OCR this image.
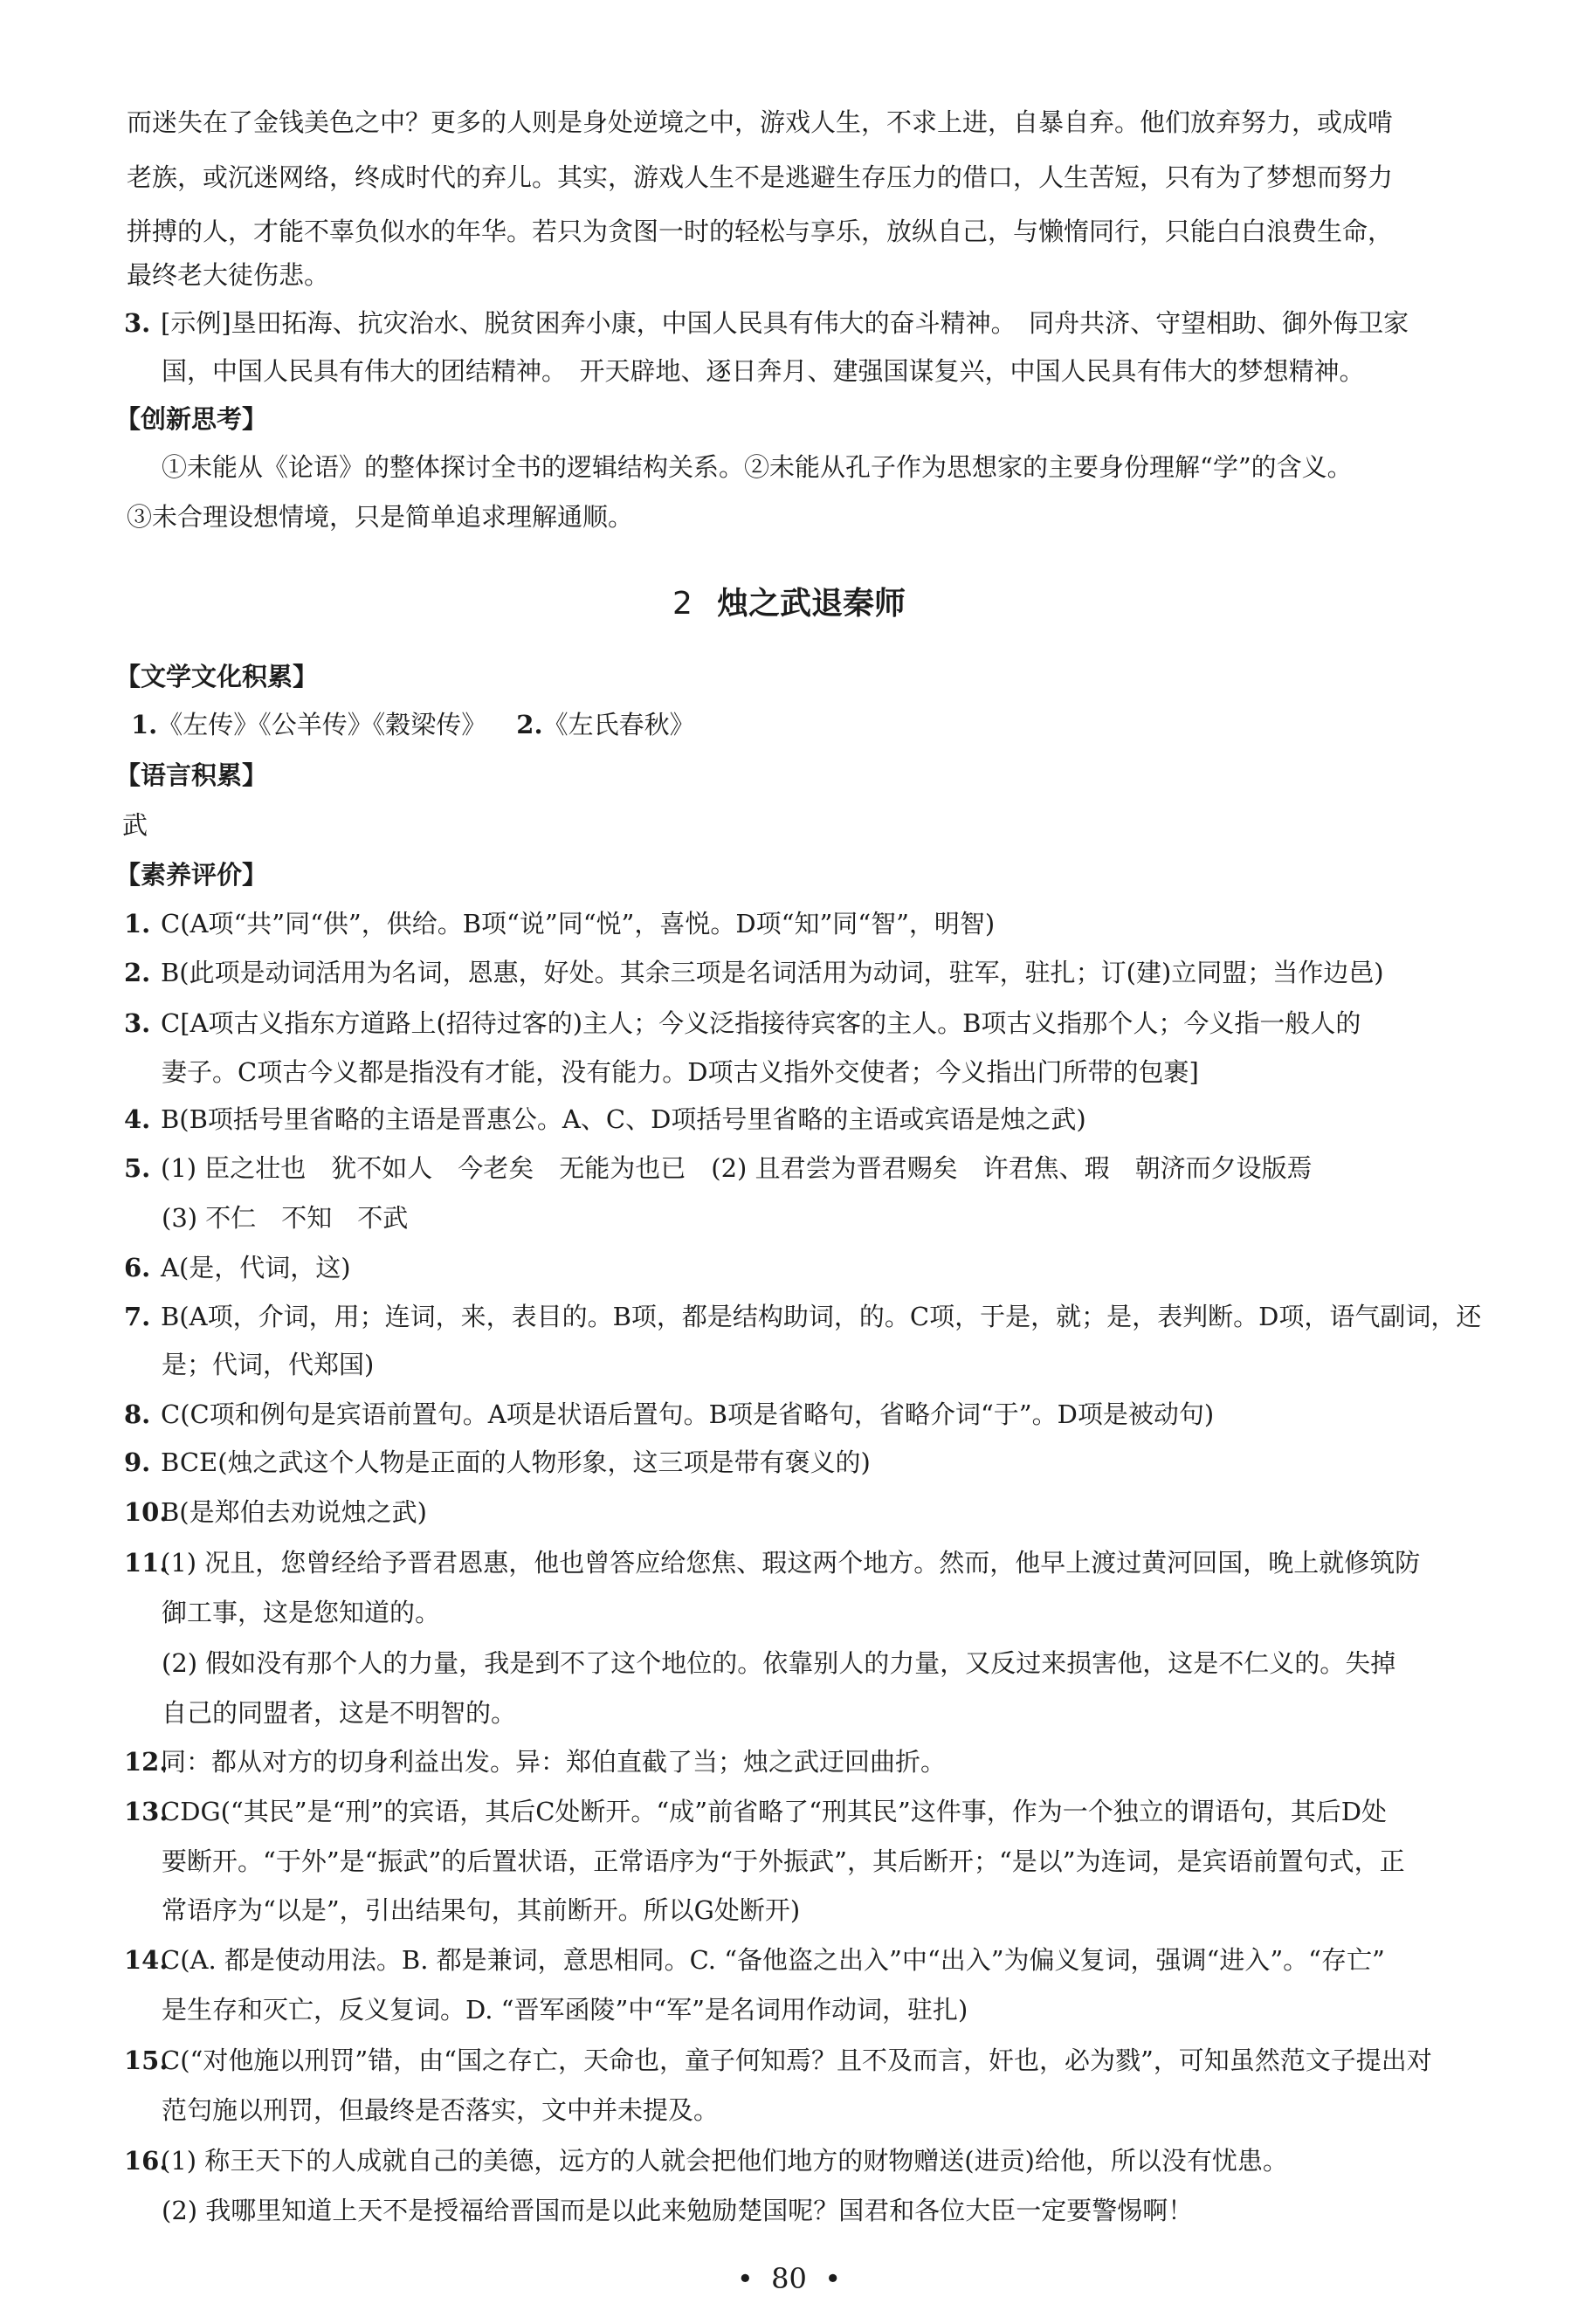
而迷失在了金钱美色之中？更多的人则是身处逆境之中，游戏人生，不求上进，自暴自弃。他们放弃努力，或成啃
老族，或沉迷网络，终成时代的弃儿。其实，游戏人生不是逃避生存压力的借口，人生苦短，只有为了梦想而努力
拼搏的人，才能不辜负似水的年华。若只为贪图一时的轻松与享乐，放纵自己，与懒惰同行，只能白白浪费生命，
最终老大徒伤悲。
3. [示例]垦田拓海、抗灾治水、脱贫困奔小康，中国人民具有伟大的奋斗精神。　同舟共济、守望相助、御外侮卫家
国，中国人民具有伟大的团结精神。　开天辟地、逐日奔月、建强国谋复兴，中国人民具有伟大的梦想精神。
【创新思考】
①未能从《论语》的整体探讨全书的逻辑结构关系。②未能从孔子作为思想家的主要身份理解“学”的含义。
③未合理设想情境，只是简单追求理解通顺。
2 烛之武退秦师
【文学文化积累】
1.《左传》《公羊传》《穀梁传》 2.《左氏春秋》
【语言积累】
武
【素养评价】
1. C(A项“共”同“供”，供给。B项“说”同“悦”，喜悦。D项“知”同“智”，明智)
2. B(此项是动词活用为名词，恩惠，好处。其余三项是名词活用为动词，驻军，驻扎；订(建)立同盟；当作边邑)
3. C[A项古义指东方道路上(招待过客的)主人；今义泛指接待宾客的主人。B项古义指那个人；今义指一般人的
妻子。C项古今义都是指没有才能，没有能力。D项古义指外交使者；今义指出门所带的包裹]
4. B(B项括号里省略的主语是晋惠公。A、C、D项括号里省略的主语或宾语是烛之武)
5. (1) 臣之壮也　犹不如人　今老矣　无能为也已　(2) 且君尝为晋君赐矣　许君焦、瑕　朝济而夕设版焉
(3) 不仁　不知　不武
6. A(是，代词，这)
7. B(A项，介词，用；连词，来，表目的。B项，都是结构助词，的。C项，于是，就；是，表判断。D项，语气副词，还
是；代词，代郑国)
8. C(C项和例句是宾语前置句。A项是状语后置句。B项是省略句，省略介词“于”。D项是被动句)
9. BCE(烛之武这个人物是正面的人物形象，这三项是带有褒义的)
10.B(是郑伯去劝说烛之武)
11.(1) 况且，您曾经给予晋君恩惠，他也曾答应给您焦、瑕这两个地方。然而，他早上渡过黄河回国，晚上就修筑防
御工事，这是您知道的。
(2) 假如没有那个人的力量，我是到不了这个地位的。依靠别人的力量，又反过来损害他，这是不仁义的。失掉
自己的同盟者，这是不明智的。
12.同：都从对方的切身利益出发。异：郑伯直截了当；烛之武迂回曲折。
13.CDG(“其民”是“刑”的宾语，其后C处断开。“成”前省略了“刑其民”这件事，作为一个独立的谓语句，其后D处
要断开。“于外”是“振武”的后置状语，正常语序为“于外振武”，其后断开；“是以”为连词，是宾语前置句式，正
常语序为“以是”，引出结果句，其前断开。所以G处断开)
14.C(A. 都是使动用法。B. 都是兼词，意思相同。C. “备他盗之出入”中“出入”为偏义复词，强调“进入”。“存亡”
是生存和灭亡，反义复词。D. “晋军函陵”中“军”是名词用作动词，驻扎)
15.C(“对他施以刑罚”错，由“国之存亡，天命也，童子何知焉？且不及而言，奸也，必为戮”，可知虽然范文子提出对
范匄施以刑罚，但最终是否落实，文中并未提及。
16.(1) 称王天下的人成就自己的美德，远方的人就会把他们地方的财物赠送(进贡)给他，所以没有忧患。
(2) 我哪里知道上天不是授福给晋国而是以此来勉励楚国呢？国君和各位大臣一定要警惕啊！
•  80  •
